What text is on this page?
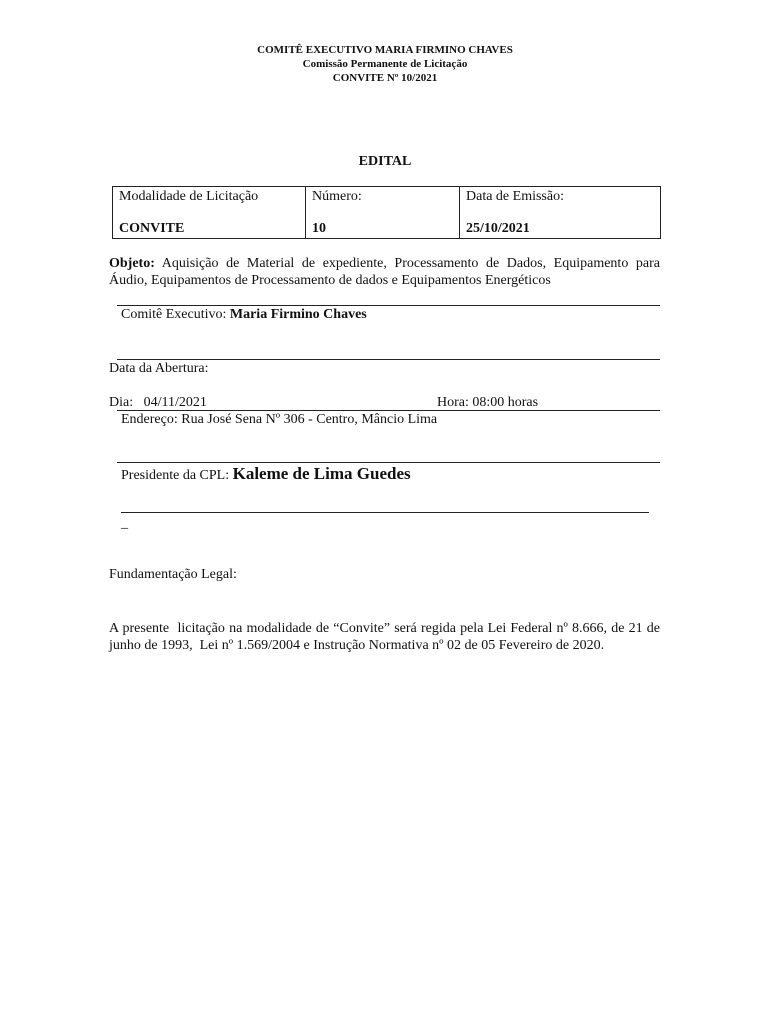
COMITÊ EXECUTIVO MARIA FIRMINO CHAVES
Comissão Permanente de Licitação
CONVITE Nº 10/2021
EDITAL
Modalidade de Licitação
CONVITE

Número:
10

Data de Emissão:
25/10/2021
Objeto: Aquisição de Material de expediente, Processamento de Dados, Equipamento para Áudio, Equipamentos de Processamento de dados e Equipamentos Energéticos
Comitê Executivo: Maria Firmino Chaves
Data da Abertura:
Dia:   04/11/2021	Hora: 08:00 horas
Endereço: Rua José Sena Nº 306 - Centro, Mâncio Lima
Presidente da CPL: Kaleme de Lima Guedes
_
Fundamentação Legal:
A presente  licitação na modalidade de “Convite” será regida pela Lei Federal nº 8.666, de 21 de junho de 1993,  Lei nº 1.569/2004 e Instrução Normativa nº 02 de 05 Fevereiro de 2020.
